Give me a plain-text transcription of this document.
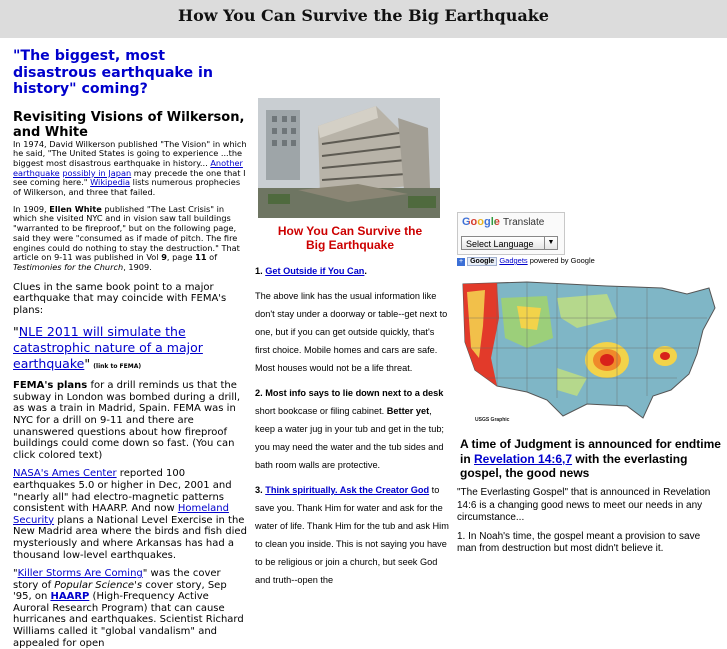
How You Can Survive the Big Earthquake
"The biggest, most disastrous earthquake in history" coming?
Revisiting Visions of Wilkerson, and White

In 1974, David Wilkerson published "The Vision" in which he said, "The United States is going to experience ...the biggest most disastrous earthquake in history... Another earthquake possibly in Japan may precede the one that I see coming here." Wikipedia lists numerous prophecies of Wilkerson, and three that failed.

In 1909, Ellen White published "The Last Crisis" in which she visited NYC and in vision saw tall buildings "warranted to be fireproof," but on the following page, said they were "consumed as if made of pitch. The fire engines could do nothing to stay the destruction." That article on 9-11 was published in Vol 9, page 11 of Testimonies for the Church, 1909.

Clues in the same book point to a major earthquake that may coincide with FEMA's plans:

"NLE 2011 will simulate the catastrophic nature of a major earthquake" (link to FEMA)

FEMA's plans for a drill reminds us that the subway in London was bombed during a drill, as was a train in Madrid, Spain. FEMA was in NYC for a drill on 9-11 and there are unanswered questions about how fireproof buildings could come down so fast. (You can click colored text)

NASA's Ames Center reported 100 earthquakes 5.0 or higher in Dec, 2001 and "nearly all" had electro-magnetic patterns consistent with HAARP. And now Homeland Security plans a National Level Exercise in the New Madrid area where the birds and fish died mysteriously and where Arkansas has had a thousand low-level earthquakes.

"Killer Storms Are Coming" was the cover story of Popular Science's cover story, Sep '95, on HAARP (High-Frequency Active Auroral Research Program) that can cause hurricanes and earthquakes. Scientist Richard Williams called it "global vandalism" and appealed for open

How You Can Survive the Big Earthquake
1. Get Outside if You Can.
The above link has the usual information like don't stay under a doorway or table--get next to one, but if you can get outside quickly, that's first choice. Mobile homes and cars are safe. Most houses would not be a life threat.
2. Most info says to lie down next to a desk short bookcase or filing cabinet. Better yet, keep a water jug in your tub and get in the tub; you may need the water and the tub sides and bath room walls are protective.
3. Think spiritually. Ask the Creator God to save you. Thank Him for water and ask for the water of life. Thank Him for the tub and ask Him to clean you inside. This is not saying you have to be religious or join a church, but seek God and truth--open the
Google Translate
Select Language	▼
+ Google Gadgets powered by Google
USGS Graphic
A time of Judgment is announced for endtime in Revelation 14:6,7 with the everlasting gospel, the good news
"The Everlasting Gospel" that is announced in Revelation 14:6 is a changing good news to meet our needs in any circumstance...
1. In Noah's time, the gospel meant a provision to save man from destruction but most didn't believe it.
